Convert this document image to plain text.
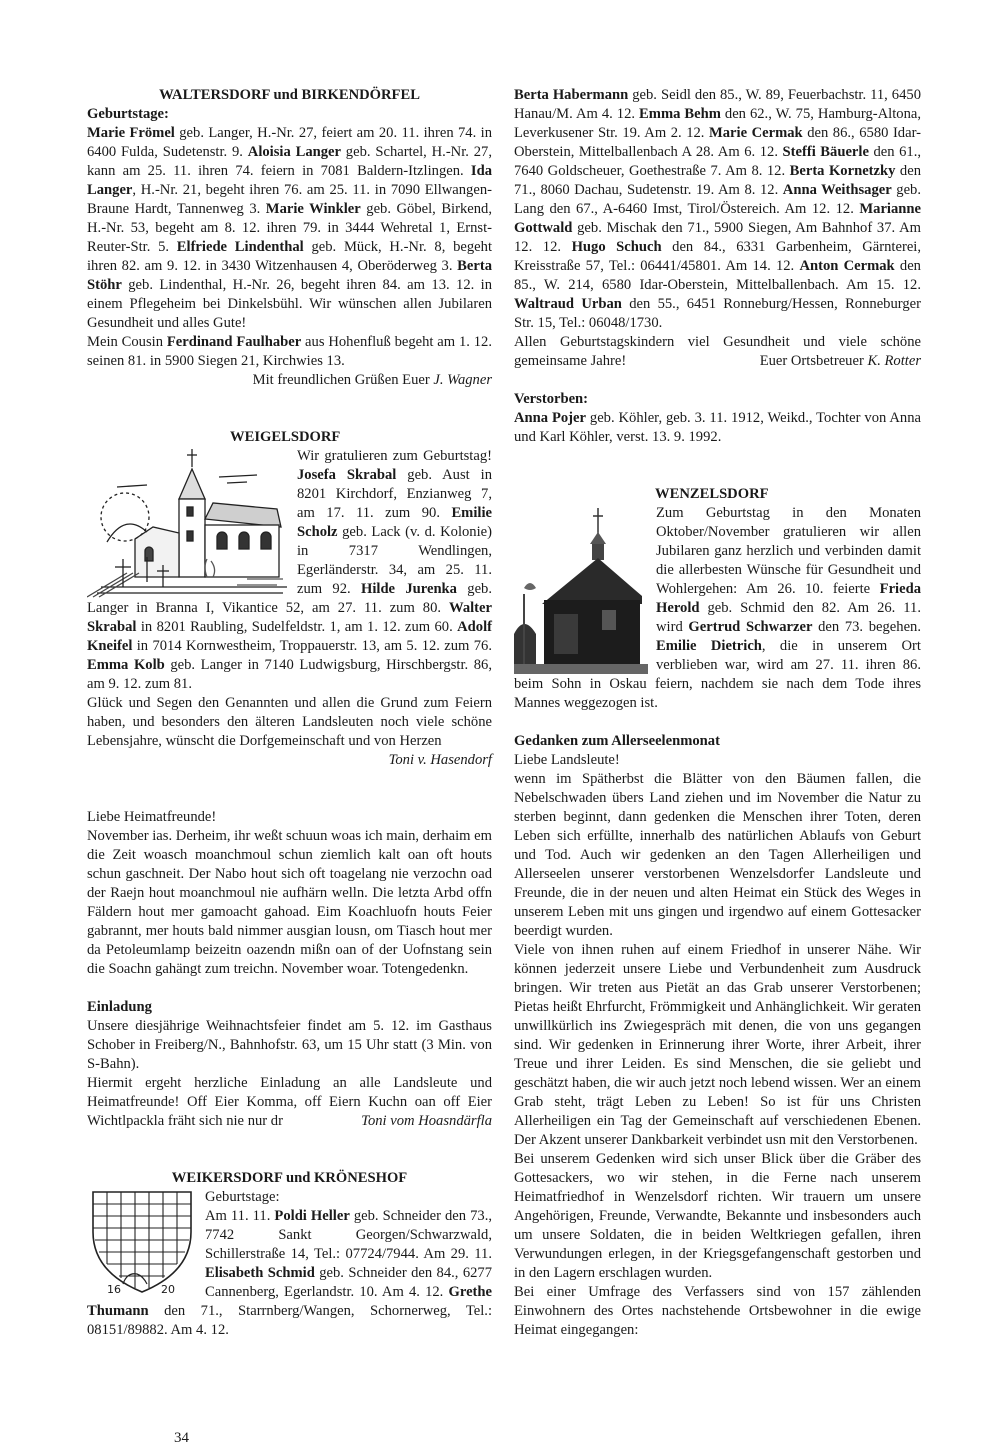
WALTERSDORF und BIRKENDÖRFEL

Geburtstage:

Marie Frömel geb. Langer, H.-Nr. 27, feiert am 20. 11. ihren 74. in 6400 Fulda, Sudetenstr. 9. Aloisia Langer geb. Schartel, H.-Nr. 27, kann am 25. 11. ihren 74. feiern in 7081 Baldern-Itzlingen. Ida Langer, H.-Nr. 21, begeht ihren 76. am 25. 11. in 7090 Ellwangen-Braune Hardt, Tannenweg 3. Marie Winkler geb. Göbel, Birkend, H.-Nr. 53, begeht am 8. 12. ihren 79. in 3444 Wehretal 1, Ernst-Reuter-Str. 5. Elfriede Lindenthal geb. Mück, H.-Nr. 8, begeht ihren 82. am 9. 12. in 3430 Witzenhausen 4, Oberöderweg 3. Berta Stöhr geb. Lindenthal, H.-Nr. 26, begeht ihren 84. am 13. 12. in einem Pflegeheim bei Dinkelsbühl. Wir wünschen allen Jubilaren Gesundheit und alles Gute!

Mein Cousin Ferdinand Faulhaber aus Hohenfluß begeht am 1. 12. seinen 81. in 5900 Siegen 21, Kirchwies 13.

Mit freundlichen Grüßen Euer J. Wagner

WEIGELSDORF

Wir gratulieren zum Geburtstag! Josefa Skrabal geb. Aust in 8201 Kirchdorf, Enzianweg 7, am 17. 11. zum 90. Emilie Scholz geb. Lack (v. d. Kolonie) in 7317 Wendlingen, Egerländerstr. 34, am 25. 11. zum 92. Hilde Jurenka geb. Langer in Branna I, Vikantice 52, am 27. 11. zum 80. Walter Skrabal in 8201 Raubling, Sudelfeldstr. 1, am 1. 12. zum 60. Adolf Kneifel in 7014 Kornwestheim, Troppauerstr. 13, am 5. 12. zum 76. Emma Kolb geb. Langer in 7140 Ludwigsburg, Hirschbergstr. 86, am 9. 12. zum 81.

Glück und Segen den Genannten und allen die Grund zum Feiern haben, und besonders den älteren Landsleuten noch viele schöne Lebensjahre, wünscht die Dorfgemeinschaft und von Herzen

Toni v. Hasendorf

Liebe Heimatfreunde!

November ias. Derheim, ihr weßt schuun woas ich main, derhaim em die Zeit woasch moanchmoul schun ziemlich kalt oan oft houts schun gaschneit. Der Nabo hout sich oft toagelang nie verzochn oad der Raejn hout moanchmoul nie aufhärn welln. Die letzta Arbd offn Fäldern hout mer gamoacht gahoad. Eim Koachluofn houts Feier gabrannt, mer houts bald nimmer ausgian lousn, om Tiasch hout mer da Petoleumlamp beizeitn oazendn mißn oan of der Uofnstang sein die Soachn gahängt zum treichn. November woar. Totengedenkn.

Einladung

Unsere diesjährige Weihnachtsfeier findet am 5. 12. im Gasthaus Schober in Freiberg/N., Bahnhofstr. 63, um 15 Uhr statt (3 Min. von S-Bahn).

Hiermit ergeht herzliche Einladung an alle Landsleute und Heimatfreunde! Off Eier Komma, off Eiern Kuchn oan off Eier Wichtlpackla fräht sich nie nur dr	Toni vom Hoasndärfla

WEIKERSDORF und KRÖNESHOF
16	20

Geburtstage:

Am 11. 11. Poldi Heller geb. Schneider den 73., 7742 Sankt Georgen/Schwarzwald, Schillerstraße 14, Tel.: 07724/7944. Am 29. 11. Elisabeth Schmid geb. Schneider den 84., 6277 Cannenberg, Egerlandstr. 10. Am 4. 12. Grethe Thumann den 71., Starrnberg/Wangen, Schornerweg, Tel.: 08151/89882. Am 4. 12.

34

Berta Habermann geb. Seidl den 85., W. 89, Feuerbachstr. 11, 6450 Hanau/M. Am 4. 12. Emma Behm den 62., W. 75, Hamburg-Altona, Leverkusener Str. 19. Am 2. 12. Marie Cermak den 86., 6580 Idar-Oberstein, Mittelballenbach A 28. Am 6. 12. Steffi Bäuerle den 61., 7640 Goldscheuer, Goethestraße 7. Am 8. 12. Berta Kornetzky den 71., 8060 Dachau, Sudetenstr. 19. Am 8. 12. Anna Weithsager geb. Lang den 67., A-6460 Imst, Tirol/Östereich. Am 12. 12. Marianne Gottwald geb. Mischak den 71., 5900 Siegen, Am Bahnhof 37. Am 12. 12. Hugo Schuch den 84., 6331 Garbenheim, Gärnterei, Kreisstraße 57, Tel.: 06441/45801. Am 14. 12. Anton Cermak den 85., W. 214, 6580 Idar-Oberstein, Mittelballenbach. Am 15. 12. Waltraud Urban den 55., 6451 Ronneburg/Hessen, Ronneburger Str. 15, Tel.: 06048/1730.

Allen Geburtstagskindern viel Gesundheit und viele schöne gemeinsame Jahre!	Euer Ortsbetreuer K. Rotter

Verstorben:

Anna Pojer geb. Köhler, geb. 3. 11. 1912, Weikd., Tochter von Anna und Karl Köhler, verst. 13. 9. 1992.

WENZELSDORF

Zum Geburtstag in den Monaten Oktober/November gratulieren wir allen Jubilaren ganz herzlich und verbinden damit die allerbesten Wünsche für Gesundheit und Wohlergehen: Am 26. 10. feierte Frieda Herold geb. Schmid den 82. Am 26. 11. wird Gertrud Schwarzer den 73. begehen. Emilie Dietrich, die in unserem Ort verblieben war, wird am 27. 11. ihren 86. beim Sohn in Oskau feiern, nachdem sie nach dem Tode ihres Mannes weggezogen ist.

Gedanken zum Allerseelenmonat

Liebe Landsleute!

wenn im Spätherbst die Blätter von den Bäumen fallen, die Nebelschwaden übers Land ziehen und im November die Natur zu sterben beginnt, dann gedenken die Menschen ihrer Toten, deren Leben sich erfüllte, innerhalb des natürlichen Ablaufs von Geburt und Tod. Auch wir gedenken an den Tagen Allerheiligen und Allerseelen unserer verstorbenen Wenzelsdorfer Landsleute und Freunde, die in der neuen und alten Heimat ein Stück des Weges in unserem Leben mit uns gingen und irgendwo auf einem Gottesacker beerdigt wurden.

Viele von ihnen ruhen auf einem Friedhof in unserer Nähe. Wir können jederzeit unsere Liebe und Verbundenheit zum Ausdruck bringen. Wir treten aus Pietät an das Grab unserer Verstorbenen; Pietas heißt Ehrfurcht, Frömmigkeit und Anhänglichkeit. Wir geraten unwillkürlich ins Zwiegespräch mit denen, die von uns gegangen sind. Wir gedenken in Erinnerung ihrer Worte, ihrer Arbeit, ihrer Treue und ihrer Leiden. Es sind Menschen, die sie geliebt und geschätzt haben, die wir auch jetzt noch lebend wissen. Wer an einem Grab steht, trägt Leben zu Leben! So ist für uns Christen Allerheiligen ein Tag der Gemeinschaft auf verschiedenen Ebenen. Der Akzent unserer Dankbarkeit verbindet usn mit den Verstorbenen.

Bei unserem Gedenken wird sich unser Blick über die Gräber des Gottesackers, wo wir stehen, in die Ferne nach unserem Heimatfriedhof in Wenzelsdorf richten. Wir trauern um unsere Angehörigen, Freunde, Verwandte, Bekannte und insbesonders auch um unsere Soldaten, die in beiden Weltkriegen gefallen, ihren Verwundungen erlegen, in der Kriegsgefangenschaft gestorben und in den Lagern erschlagen wurden.

Bei einer Umfrage des Verfassers sind von 157 zählenden Einwohnern des Ortes nachstehende Ortsbewohner in die ewige Heimat eingegangen:
